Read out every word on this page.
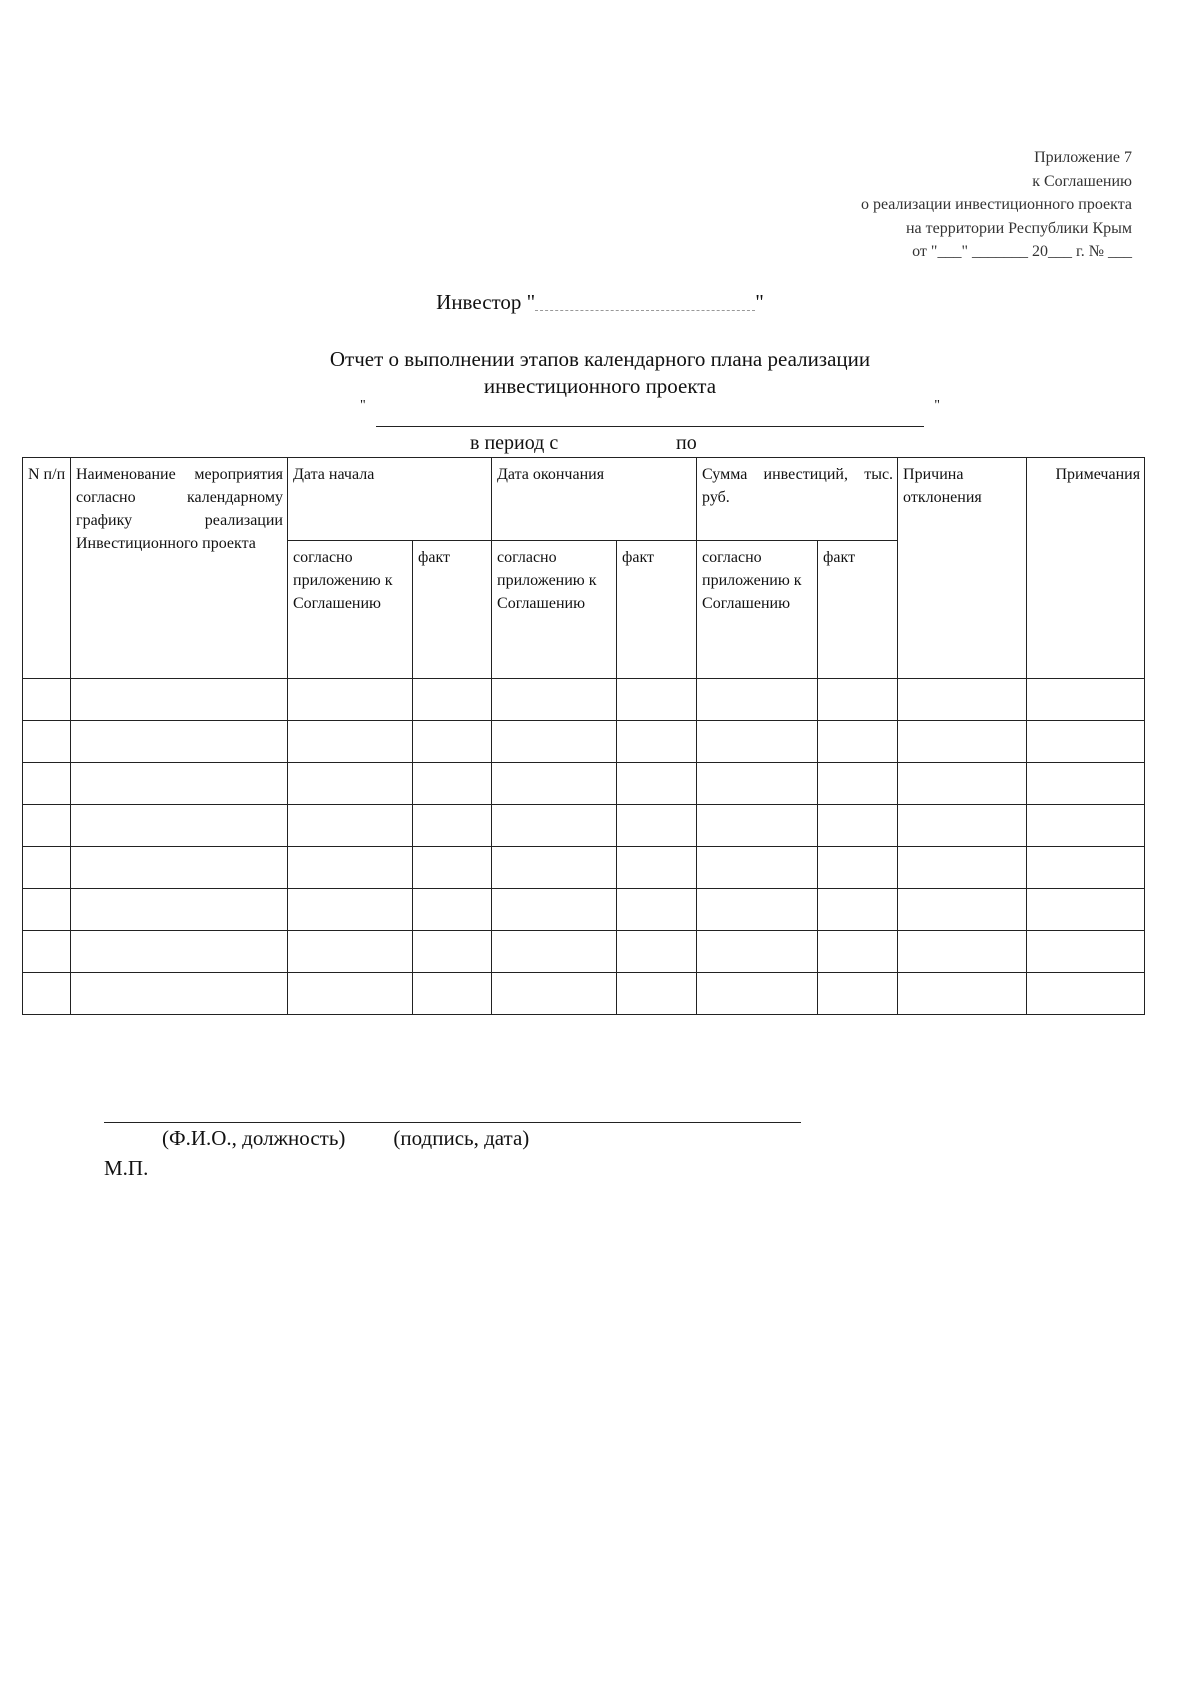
Приложение 7
к Соглашению
о реализации инвестиционного проекта
на территории Республики Крым
от "___" _______ 20___ г. № ___
Инвестор "	"
Отчет о выполнении этапов календарного плана реализации
инвестиционного проекта
"	"
в период с	по
N п/п	Наименование мероприятия согласно календарному графику реализации Инвестиционного проекта	Дата начала		Дата окончания		Сумма инвестиций, тыс. руб.		Причина отклонения	Примечания
		согласно приложению к Соглашению	факт	согласно приложению к Соглашению	факт	согласно приложению к Соглашению	факт		

(Ф.И.О., должность) (подпись, дата)
М.П.
